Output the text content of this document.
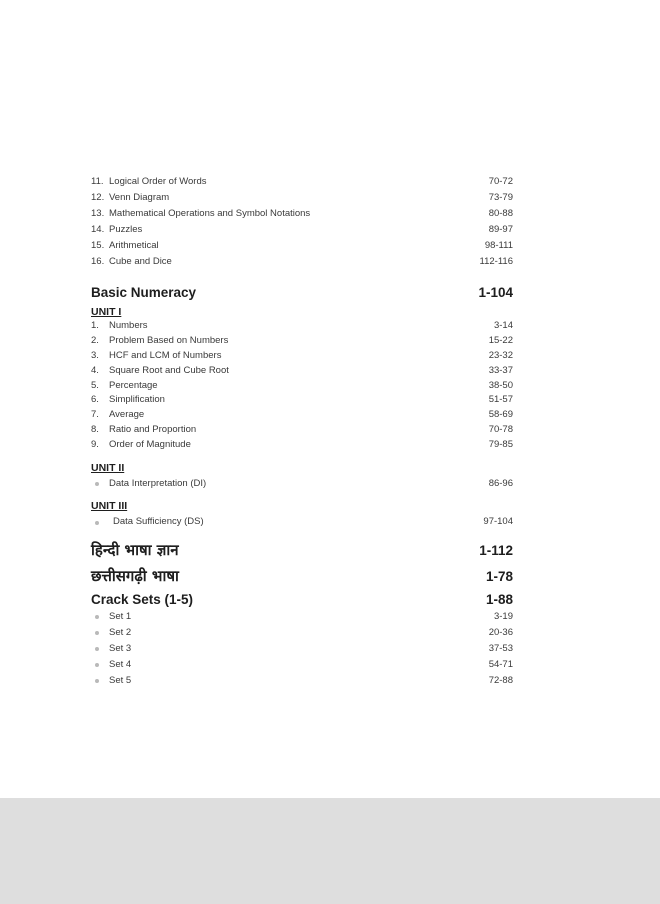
11. Logical Order of Words	70-72
12. Venn Diagram	73-79
13. Mathematical Operations and Symbol Notations	80-88
14. Puzzles	89-97
15. Arithmetical	98-111
16. Cube and Dice	112-116
Basic Numeracy	1-104
UNIT I
1.	Numbers	3-14
2.	Problem Based on Numbers	15-22
3.	HCF and LCM of Numbers	23-32
4.	Square Root and Cube Root	33-37
5.	Percentage	38-50
6.	Simplification	51-57
7.	Average	58-69
8.	Ratio and Proportion	70-78
9.	Order of Magnitude	79-85
UNIT II
Data Interpretation (DI)	86-96
UNIT III
Data Sufficiency (DS)	97-104
हिन्दी भाषा ज्ञान	1-112
छत्तीसगढ़ी भाषा	1-78
Crack Sets (1-5)	1-88
Set 1	3-19
Set 2	20-36
Set 3	37-53
Set 4	54-71
Set 5	72-88
